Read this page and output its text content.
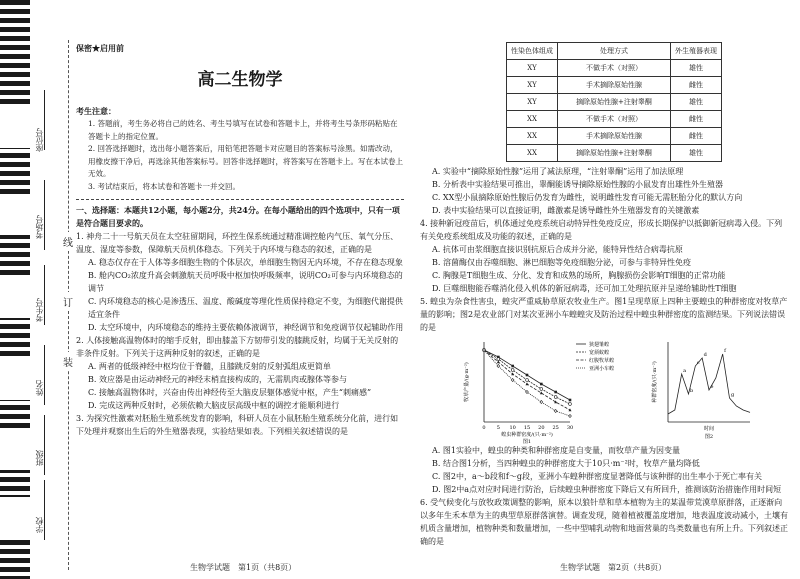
座位号
考场号
考生号
姓名
班级
学校
线
订
装

保密★启用前

高二生物学

考生注意：

1. 答题前，考生务必将自己的姓名、考生号填写在试卷和答题卡上，并将考生号条形码粘贴在答题卡上的指定位置。

2. 回答选择题时，选出每小题答案后，用铅笔把答题卡对应题目的答案标号涂黑。如需改动，用橡皮擦干净后，再选涂其他答案标号。回答非选择题时，将答案写在答题卡上。写在本试卷上无效。

3. 考试结束后，将本试卷和答题卡一并交回。

一、选择题：本题共12小题，每小题2分，共24分。在每小题给出的四个选项中，只有一项是符合题目要求的。

1. 神舟二十一号航天员在太空驻留期间，环控生保系统通过精准调控舱内气压、氧气分压、温度、湿度等参数，保障航天员机体稳态。下列关于内环境与稳态的叙述，正确的是

A. 稳态仅存在于人体等多细胞生物的个体层次，单细胞生物因无内环境，不存在稳态现象

B. 舱内CO₂浓度升高会刺激航天员呼吸中枢加快呼吸频率，说明CO₂可参与内环境稳态的调节

C. 内环境稳态的核心是渗透压、温度、酸碱度等理化性质保持稳定不变，为细胞代谢提供适宜条件

D. 太空环境中，内环境稳态的维持主要依赖体液调节，神经调节和免疫调节仅起辅助作用

2. 人体接触高温物体时的缩手反射，即由膝盖下方韧带引发的膝跳反射，均属于无关反射的非条件反射。下列关于这两种反射的叙述，正确的是

A. 两者的低级神经中枢均位于脊髓，且膝跳反射的反射弧组成更简单

B. 效应器是由运动神经元的神经末梢直接构成的，无需肌肉或腺体等参与

C. 接触高温物体时，兴奋由传出神经传至大脑皮层躯体感觉中枢，产生“刺痛感”

D. 完成这两种反射时，必须依赖大脑皮层高级中枢的调控才能顺利进行

3. 为探究性激素对胚胎生殖系统发育的影响，科研人员在小鼠胚胎生殖系统分化前，进行如下处理并观察出生后的外生殖器表现，实验结果如表。下列相关叙述错误的是

性染色体组成	处理方式	外生殖器表现
XY	不做手术（对照）	雄性
XY	手术摘除原始性腺	雌性
XY	摘除原始性腺+注射睾酮	雄性
XX	不做手术（对照）	雌性
XX	手术摘除原始性腺	雌性
XX	摘除原始性腺+注射睾酮	雄性

A. 实验中“摘除原始性腺”运用了减法原理，“注射睾酮”运用了加法原理

B. 分析表中实验结果可推出，睾酮能诱导摘除原始性腺的小鼠发育出雄性外生殖器

C. XX型小鼠摘除原始性腺后仍发育为雌性，说明雌性发育可能无需胚胎分化的默认方向

D. 表中实验结果可以直接证明，雌激素是诱导雌性外生殖器发育的关键激素

4. 接种新冠疫苗后，机体通过免疫系统启动特异性免疫反应，形成长期保护以抵御新冠病毒入侵。下列有关免疫系统组成及功能的叙述，正确的是

A. 抗体可由浆细胞直接识别抗原后合成并分泌，能特异性结合病毒抗原

B. 溶菌酶仅由吞噬细胞、淋巴细胞等免疫细胞分泌，可参与非特异性免疫

C. 胸腺是T细胞生成、分化、发育和成熟的场所，胸腺损伤会影响T细胞的正常功能

D. 巨噬细胞能吞噬消化侵入机体的新冠病毒，还可加工处理抗原并呈递给辅助性T细胞

5. 蝗虫为杂食性害虫，蝗灾严重威胁草原农牧业生产。图1呈现草原上四种主要蝗虫的种群密度对牧草产量的影响；图2是农业部门对某次亚洲小车蝗蝗灾及防治过程中蝗虫种群密度的监测结果。下列说法错误的是

0 5 10 15 20 25 30
蝗虫种群密度/(只·m⁻²)
牧草产量/(g·m⁻²)
图1
狭翅雏蝗
宽须蚁蝗
红腹牧草蝗
亚洲小车蝗	a
b
c
d
e
f
g
时间
种群密度/(只·m⁻²)
图2

A. 图1实验中，蝗虫的种类和种群密度是自变量，而牧草产量为因变量

B. 结合图1分析，当四种蝗虫的种群密度大于10只·m⁻²时，牧草产量均降低

C. 图2中，a～b段和f～g段，亚洲小车蝗种群密度显著降低与该种群的出生率小于死亡率有关

D. 图2中a点对应时间进行防治，后续蝗虫种群密度下降后又有所回升，推测该防治措施作用时间短

6. 受气候变化与放牧政策调整的影响，原本以狼针草和草本植物为主的某温带荒漠草原群落，正逐渐向以多年生禾本草为主的典型草原群落演替。调查发现，随着植被覆盖度增加，地表温度波动减小，土壤有机质含量增加，植物种类和数量增加，一些中型哺乳动物和地面营巢的鸟类数量也有所上升。下列叙述正确的是

生物学试题　第1页（共8页）	生物学试题　第2页（共8页）
